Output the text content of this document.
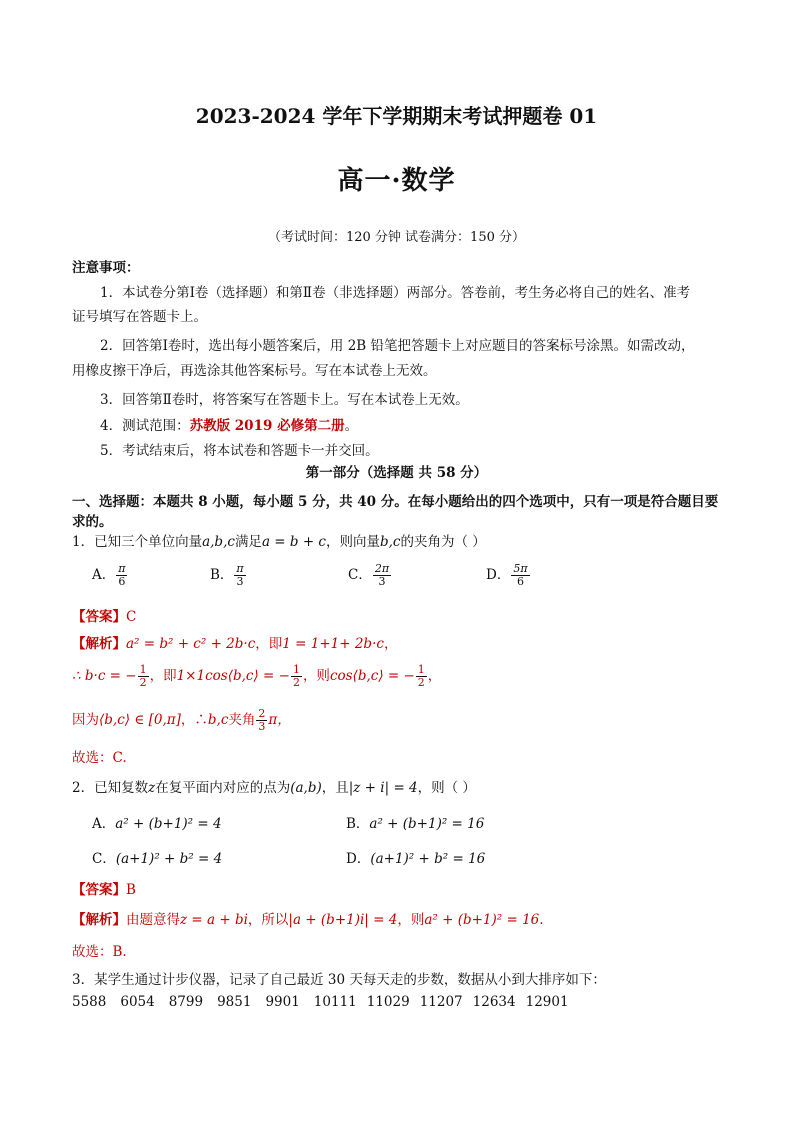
2023-2024 学年下学期期末考试押题卷 01
高一·数学
（考试时间：120 分钟 试卷满分：150 分）
注意事项：
1．本试卷分第Ⅰ卷（选择题）和第Ⅱ卷（非选择题）两部分。答卷前，考生务必将自己的姓名、准考
证号填写在答题卡上。
2．回答第Ⅰ卷时，选出每小题答案后，用 2B 铅笔把答题卡上对应题目的答案标号涂黑。如需改动，
用橡皮擦干净后，再选涂其他答案标号。写在本试卷上无效。
3．回答第Ⅱ卷时，将答案写在答题卡上。写在本试卷上无效。
4．测试范围：苏教版 2019 必修第二册。
5．考试结束后，将本试卷和答题卡一并交回。
第一部分（选择题 共 58 分）
一、选择题：本题共 8 小题，每小题 5 分，共 40 分。在每小题给出的四个选项中，只有一项是符合题目要
求的。
1．已知三个单位向量a,b,c满足a = b + c，则向量b,c的夹角为（ ）
A． $\frac{\pi}{6}$	B． $\frac{\pi}{3}$	C． $\frac{2\pi}{3}$	D． $\frac{5\pi}{6}$
【答案】C
【解析】a² = b² + c² + 2b·c，即1 = 1+1+ 2b·c，
∴ b·c = − $\frac{1}{2}$ ，即1×1cos⟨b,c⟩ = − $\frac{1}{2}$ ，则cos⟨b,c⟩ = − $\frac{1}{2}$ ，
因为⟨b,c⟩ ∈ [0,π]，∴b,c夹角 $\frac{2}{3}$ π，
故选：C.
2．已知复数z在复平面内对应的点为(a,b)，且|z + i| = 4，则（ ）
A．a² + (b+1)² = 4	B．a² + (b+1)² = 16
C．(a+1)² + b² = 4	D．(a+1)² + b² = 16
【答案】B
【解析】由题意得z = a + bi，所以|a + (b+1)i| = 4，则a² + (b+1)² = 16.
故选：B.
3．某学生通过计步仪器，记录了自己最近 30 天每天走的步数，数据从小到大排序如下：
5588 6054 8799 9851 9901 10111 11029 11207 12634 12901
